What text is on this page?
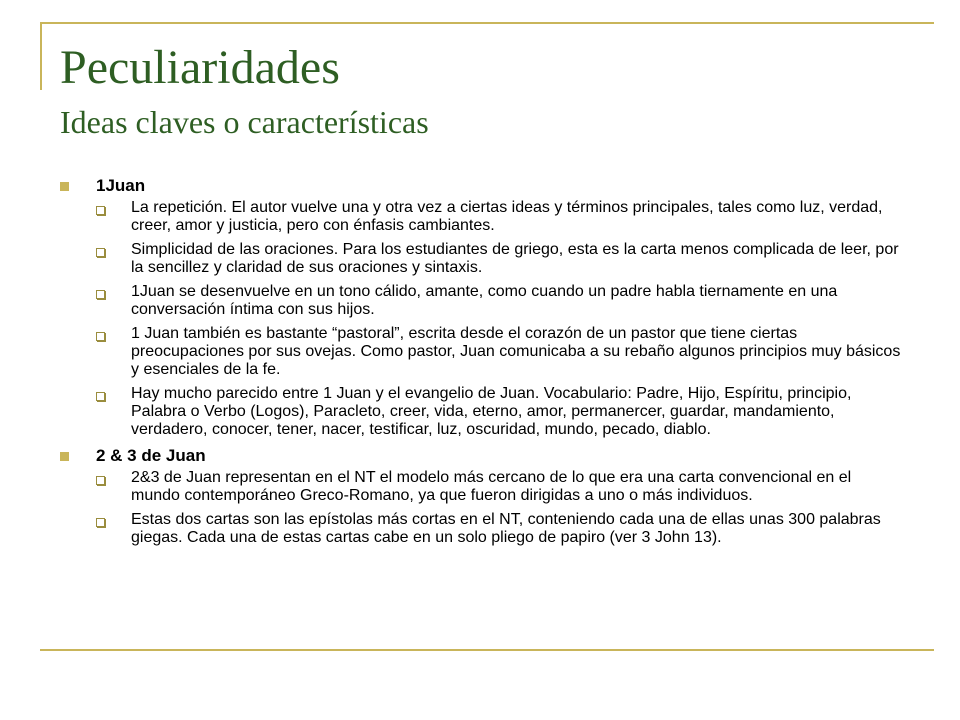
Peculiaridades
Ideas claves o características
1Juan
La repetición. El autor vuelve una y otra vez a ciertas ideas y términos principales, tales como luz, verdad, creer, amor y justicia, pero con énfasis cambiantes.
Simplicidad de las oraciones. Para los estudiantes de griego, esta es la carta menos complicada de leer, por la sencillez y claridad de sus oraciones y sintaxis.
1Juan se desenvuelve en un tono cálido, amante, como cuando un padre habla tiernamente en una conversación íntima con sus hijos.
1 Juan también es bastante “pastoral”, escrita desde el corazón de un pastor que tiene ciertas preocupaciones por sus ovejas. Como pastor, Juan comunicaba a su rebaño algunos principios muy básicos y esenciales de la fe.
Hay mucho parecido entre 1 Juan y el evangelio de Juan. Vocabulario: Padre, Hijo, Espíritu, principio, Palabra o Verbo (Logos), Paracleto, creer, vida, eterno, amor, permanercer, guardar, mandamiento, verdadero, conocer, tener, nacer, testificar, luz, oscuridad, mundo, pecado, diablo.
2 & 3 de Juan
2&3 de Juan representan en el NT el modelo más cercano de lo que era una carta convencional en el mundo contemporáneo Greco-Romano, ya que fueron dirigidas a uno o más individuos.
Estas dos cartas son las epístolas más cortas en el NT, conteniendo cada una de ellas unas 300 palabras giegas. Cada una de estas cartas cabe en un solo pliego de papiro (ver 3 John 13).
